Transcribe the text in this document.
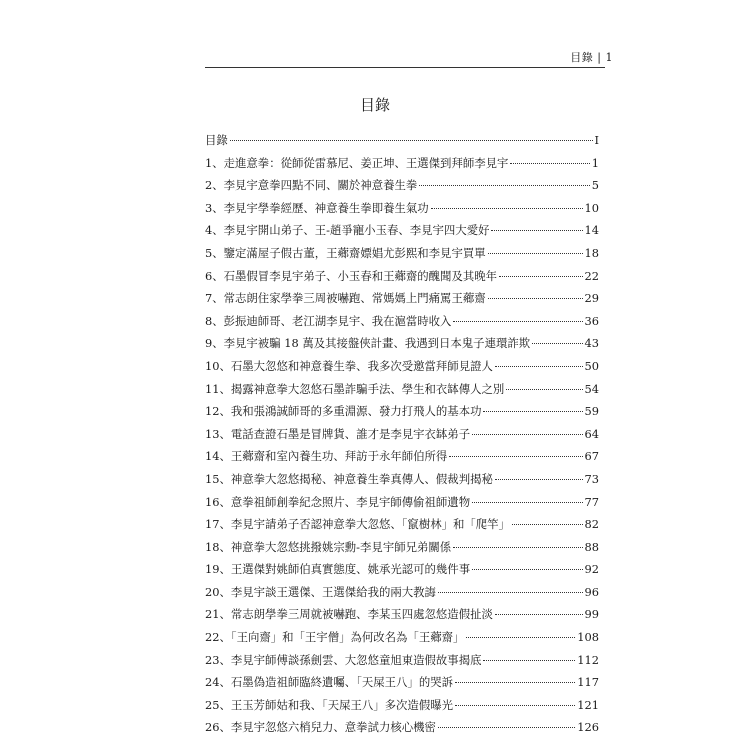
目錄 | 1
目錄
目錄	I
1、走進意拳：從師從雷慕尼、姜正坤、王選傑到拜師李見宇	1
2、李見宇意拳四點不同、關於神意養生拳	5
3、李見宇學拳經歷、神意養生拳即養生氣功	10
4、李見宇開山弟子、王-趙爭寵小玉春、李見宇四大愛好	14
5、鑒定滿屋子假古董，王薌齋嫖娼尤彭熙和李見宇買單	18
6、石墨假冒李見宇弟子、小玉春和王薌齋的醜聞及其晚年	22
7、常志朗住家學拳三周被嚇跑、常媽媽上門痛罵王薌齋	29
8、彭振迪師哥、老江湖李見宇、我在滬當時收入	36
9、李見宇被騙 18 萬及其接盤俠計畫、我遇到日本鬼子連環詐欺	43
10、石墨大忽悠和神意養生拳、我多次受邀當拜師見證人	50
11、揭露神意拳大忽悠石墨詐騙手法、學生和衣缽傳人之別	54
12、我和張鴻誠師哥的多重淵源、發力打飛人的基本功	59
13、電話查證石墨是冒牌貨、誰才是李見宇衣缽弟子	64
14、王薌齋和室內養生功、拜訪于永年師伯所得	67
15、神意拳大忽悠揭秘、神意養生拳真傳人、假裁判揭秘	73
16、意拳祖師創拳紀念照片、李見宇師傳偷祖師遺物	77
17、李見宇請弟子否認神意拳大忽悠、「竄樹林」和「爬竿」	82
18、神意拳大忽悠挑撥姚宗勳-李見宇師兄弟關係	88
19、王選傑對姚師伯真實態度、姚承光認可的幾件事	92
20、李見宇談王選傑、王選傑給我的兩大教誨	96
21、常志朗學拳三周就被嚇跑、李某玉四處忽悠造假扯淡	99
22、「王向齋」和「王宇僧」為何改名為「王薌齋」	108
23、李見宇師傅談孫劍雲、大忽悠童旭東造假故事揭底	112
24、石墨偽造祖師臨終遺囑、「天屎王八」的哭訴	117
25、王玉芳師姑和我、「天屎王八」多次造假曝光	121
26、李見宇忽悠六梢兒力、意拳試力核心機密	126
